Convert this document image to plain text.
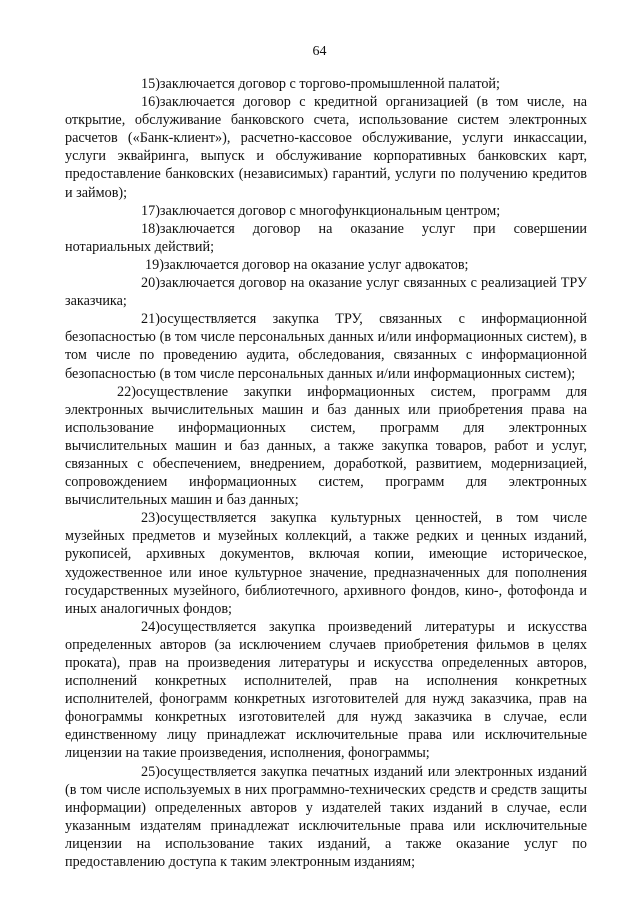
64

15)заключается договор с торгово-промышленной палатой;

16)заключается договор с кредитной организацией (в том числе, на открытие, обслуживание банковского счета, использование систем электронных расчетов («Банк-клиент»), расчетно-кассовое обслуживание, услуги инкассации, услуги эквайринга, выпуск и обслуживание корпоративных банковских карт, предоставление банковских (независимых) гарантий, услуги по получению кредитов и займов);

17)заключается договор с многофункциональным центром;

18)заключается договор на оказание услуг при совершении нотариальных действий;

19)заключается договор на оказание услуг адвокатов;

20)заключается договор на оказание услуг связанных с реализацией ТРУ заказчика;

21)осуществляется закупка ТРУ, связанных с информационной безопасностью (в том числе персональных данных и/или информационных систем), в том числе по проведению аудита, обследования, связанных с информационной безопасностью (в том числе персональных данных и/или информационных систем);

22)осуществление закупки информационных систем, программ для электронных вычислительных машин и баз данных или приобретения права на использование информационных систем, программ для электронных вычислительных машин и баз данных, а также закупка товаров, работ и услуг, связанных с обеспечением, внедрением, доработкой, развитием, модернизацией, сопровождением информационных систем, программ для электронных вычислительных машин и баз данных;

23)осуществляется закупка культурных ценностей, в том числе музейных предметов и музейных коллекций, а также редких и ценных изданий, рукописей, архивных документов, включая копии, имеющие историческое, художественное или иное культурное значение, предназначенных для пополнения государственных музейного, библиотечного, архивного фондов, кино-, фотофонда и иных аналогичных фондов;

24)осуществляется закупка произведений литературы и искусства определенных авторов (за исключением случаев приобретения фильмов в целях проката), прав на произведения литературы и искусства определенных авторов, исполнений конкретных исполнителей, прав на исполнения конкретных исполнителей, фонограмм конкретных изготовителей для нужд заказчика, прав на фонограммы конкретных изготовителей для нужд заказчика в случае, если единственному лицу принадлежат исключительные права или исключительные лицензии на такие произведения, исполнения, фонограммы;

25)осуществляется закупка печатных изданий или электронных изданий (в том числе используемых в них программно-технических средств и средств защиты информации) определенных авторов у издателей таких изданий в случае, если указанным издателям принадлежат исключительные права или исключительные лицензии на использование таких изданий, а также оказание услуг по предоставлению доступа к таким электронным изданиям;
